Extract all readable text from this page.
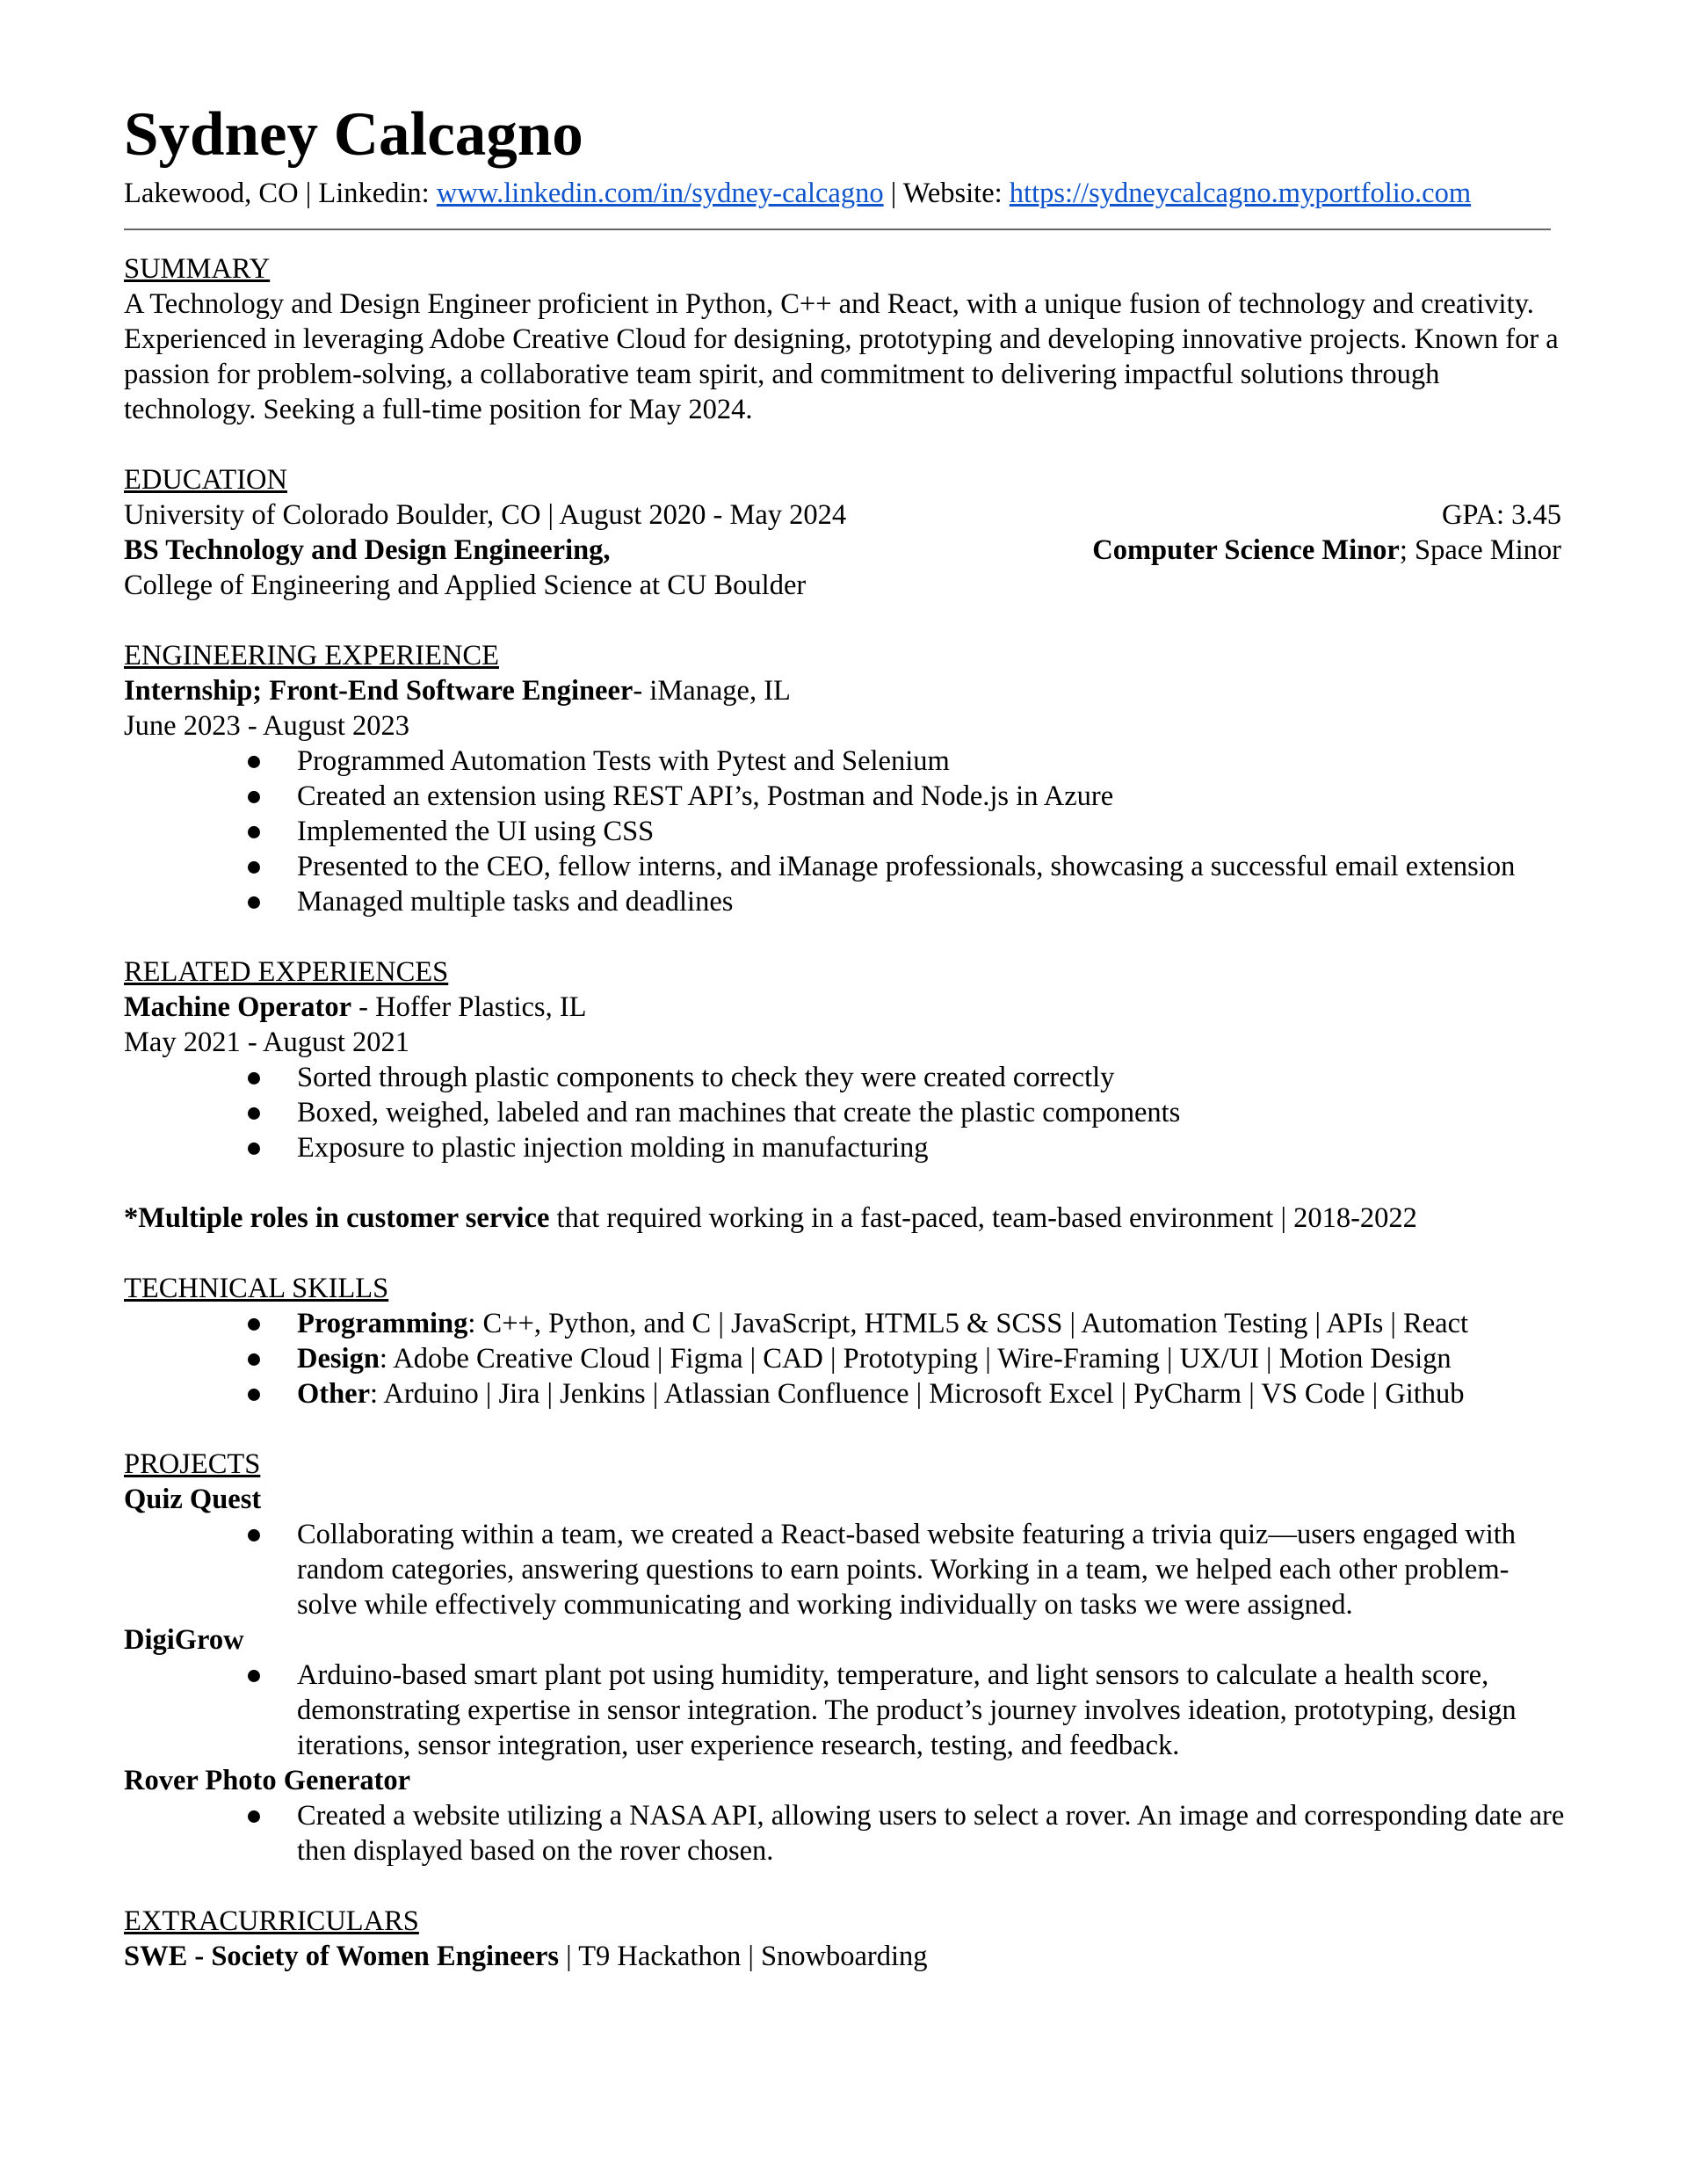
Sydney Calcagno
Lakewood, CO | Linkedin: www.linkedin.com/in/sydney-calcagno | Website: https://sydneycalcagno.myportfolio.com
SUMMARY
A Technology and Design Engineer proficient in Python, C++ and React, with a unique fusion of technology and creativity. Experienced in leveraging Adobe Creative Cloud for designing, prototyping and developing innovative projects. Known for a passion for problem-solving, a collaborative team spirit, and commitment to delivering impactful solutions through technology. Seeking a full-time position for May 2024.
EDUCATION
University of Colorado Boulder, CO | August 2020 - May 2024	GPA: 3.45
BS Technology and Design Engineering,	Computer Science Minor; Space Minor
College of Engineering and Applied Science at CU Boulder
ENGINEERING EXPERIENCE
Internship; Front-End Software Engineer- iManage, IL
June 2023 - August 2023
● Programmed Automation Tests with Pytest and Selenium
● Created an extension using REST API’s, Postman and Node.js in Azure
● Implemented the UI using CSS
● Presented to the CEO, fellow interns, and iManage professionals, showcasing a successful email extension
● Managed multiple tasks and deadlines
RELATED EXPERIENCES
Machine Operator - Hoffer Plastics, IL
May 2021 - August 2021
● Sorted through plastic components to check they were created correctly
● Boxed, weighed, labeled and ran machines that create the plastic components
● Exposure to plastic injection molding in manufacturing
*Multiple roles in customer service that required working in a fast-paced, team-based environment | 2018-2022
TECHNICAL SKILLS
● Programming: C++, Python, and C | JavaScript, HTML5 & SCSS | Automation Testing | APIs | React
● Design: Adobe Creative Cloud | Figma | CAD | Prototyping | Wire-Framing | UX/UI | Motion Design
● Other: Arduino | Jira | Jenkins | Atlassian Confluence | Microsoft Excel | PyCharm | VS Code | Github
PROJECTS
Quiz Quest
● Collaborating within a team, we created a React-based website featuring a trivia quiz—users engaged with random categories, answering questions to earn points. Working in a team, we helped each other problem-solve while effectively communicating and working individually on tasks we were assigned.
DigiGrow
● Arduino-based smart plant pot using humidity, temperature, and light sensors to calculate a health score, demonstrating expertise in sensor integration. The product’s journey involves ideation, prototyping, design iterations, sensor integration, user experience research, testing, and feedback.
Rover Photo Generator
● Created a website utilizing a NASA API, allowing users to select a rover. An image and corresponding date are then displayed based on the rover chosen.
EXTRACURRICULARS
SWE - Society of Women Engineers | T9 Hackathon | Snowboarding
